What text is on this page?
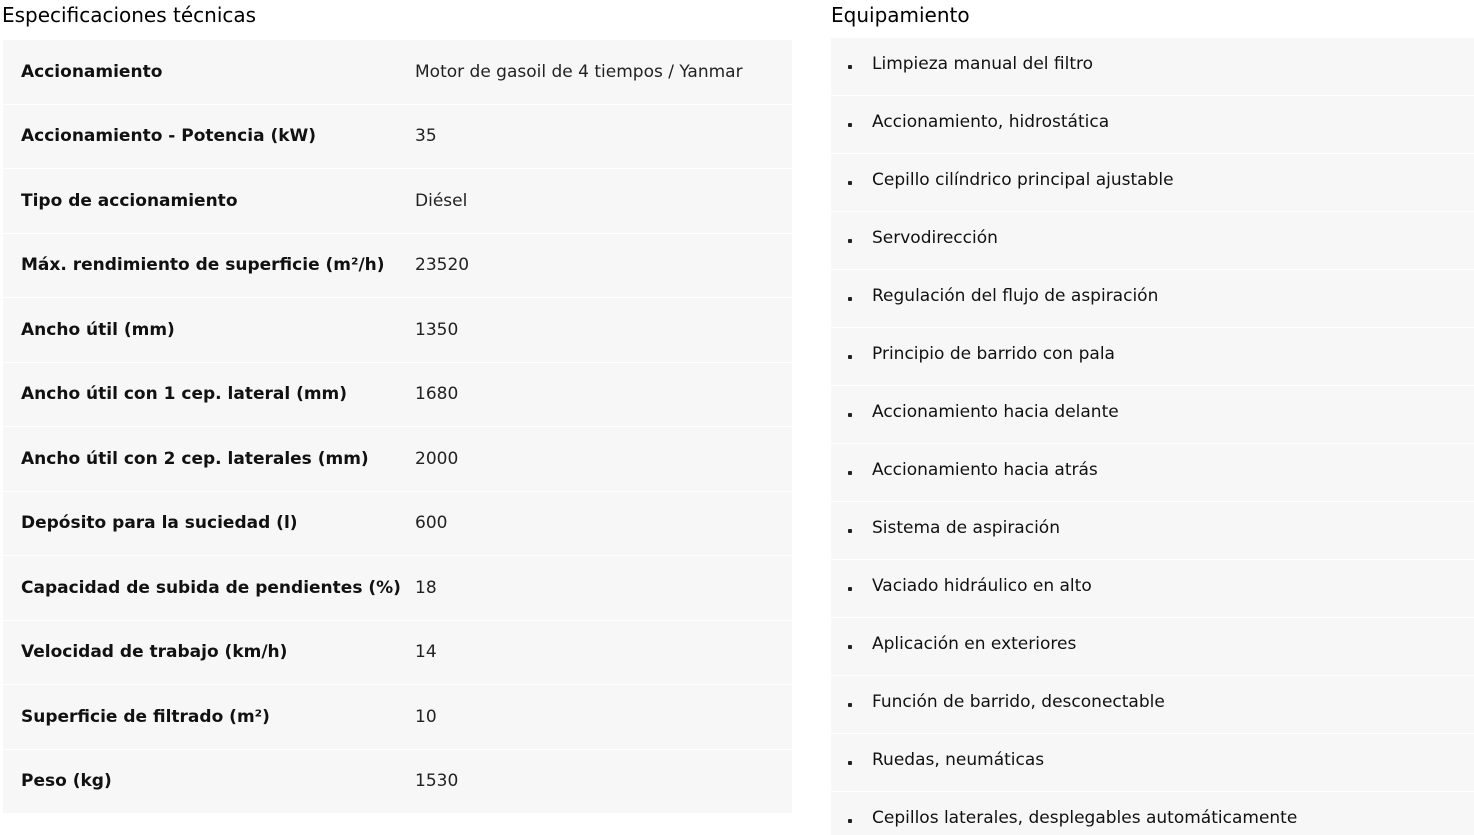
Especificaciones técnicas
Accionamiento	Motor de gasoil de 4 tiempos / Yanmar
Accionamiento - Potencia (kW)	35
Tipo de accionamiento	Diésel
Máx. rendimiento de superficie (m²/h) 23520
Ancho útil (mm)	1350
Ancho útil con 1 cep. lateral (mm)	1680
Ancho útil con 2 cep. laterales (mm)	2000
Depósito para la suciedad (l)	600
Capacidad de subida de pendientes (%) 18
Velocidad de trabajo (km/h)	14
Superficie de filtrado (m²)	10
Peso (kg)	1530
Equipamiento
Limpieza manual del filtro
Accionamiento, hidrostática
Cepillo cilíndrico principal ajustable
Servodirección
Regulación del flujo de aspiración
Principio de barrido con pala
Accionamiento hacia delante
Accionamiento hacia atrás
Sistema de aspiración
Vaciado hidráulico en alto
Aplicación en exteriores
Función de barrido, desconectable
Ruedas, neumáticas
Cepillos laterales, desplegables automáticamente
